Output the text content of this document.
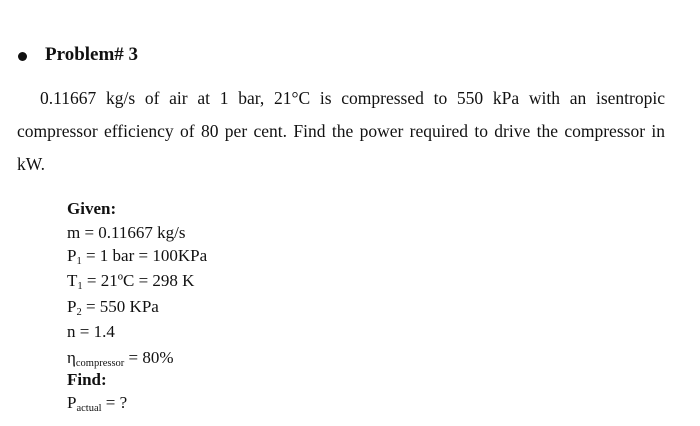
Problem# 3
0.11667 kg/s of air at 1 bar, 21°C is compressed to 550 kPa with an isentropic compressor efficiency of 80 per cent. Find the power required to drive the compressor in kW.
Given:
m = 0.11667 kg/s
P1 = 1 bar = 100KPa
T1 = 21ºC = 298 K
P2 = 550 KPa
n = 1.4
ηcompressor = 80%
Find:
Pactual = ?
